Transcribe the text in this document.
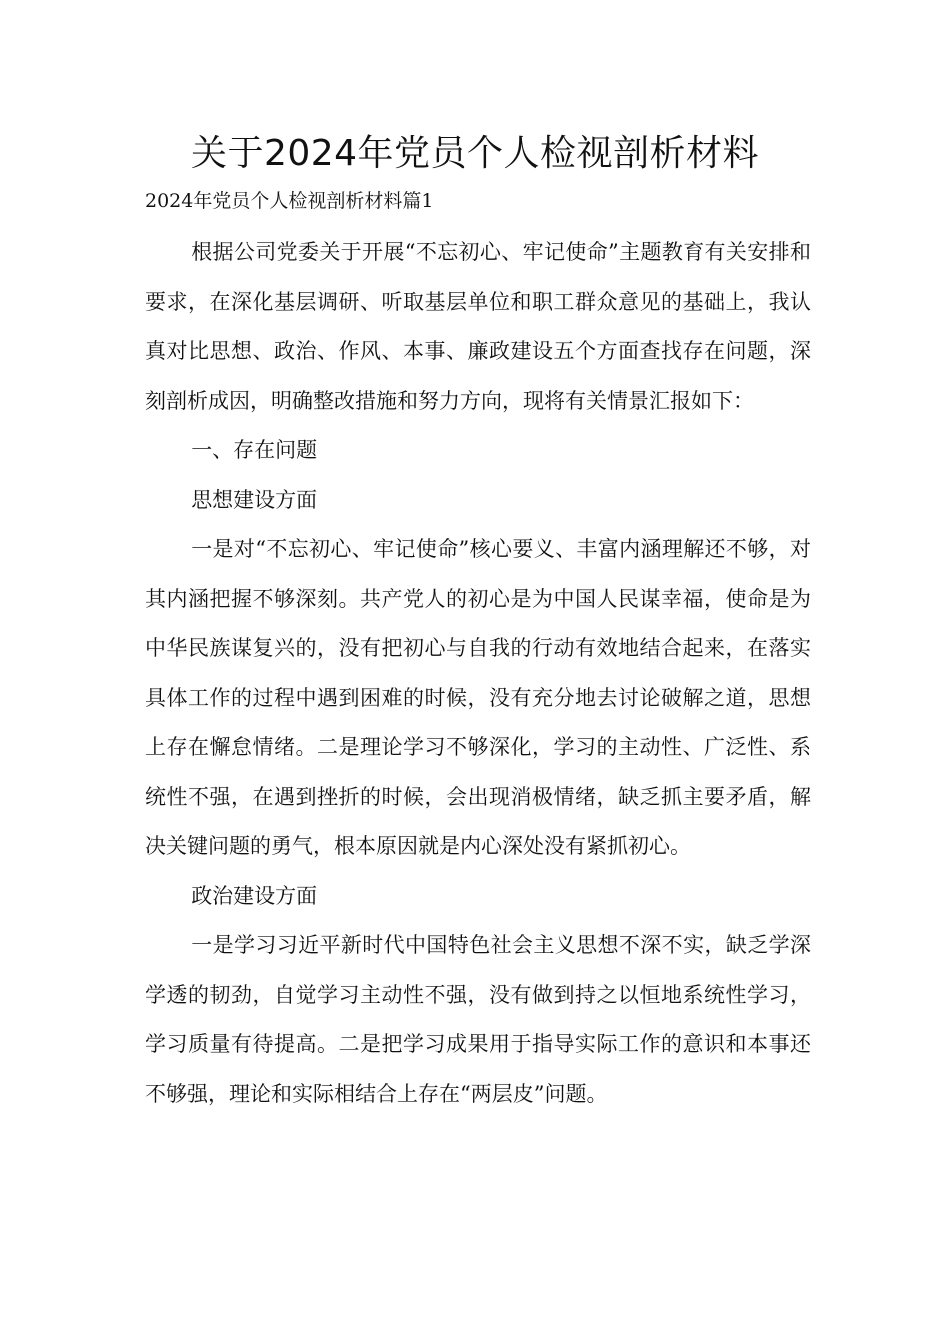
关于2024年党员个人检视剖析材料
2024年党员个人检视剖析材料篇1

根据公司党委关于开展“不忘初心、牢记使命”主题教育有关安排和要求，在深化基层调研、听取基层单位和职工群众意见的基础上，我认真对比思想、政治、作风、本事、廉政建设五个方面查找存在问题，深刻剖析成因，明确整改措施和努力方向，现将有关情景汇报如下：

一、存在问题

思想建设方面

一是对“不忘初心、牢记使命”核心要义、丰富内涵理解还不够，对其内涵把握不够深刻。共产党人的初心是为中国人民谋幸福，使命是为中华民族谋复兴的，没有把初心与自我的行动有效地结合起来，在落实具体工作的过程中遇到困难的时候，没有充分地去讨论破解之道，思想上存在懈怠情绪。二是理论学习不够深化，学习的主动性、广泛性、系统性不强，在遇到挫折的时候，会出现消极情绪，缺乏抓主要矛盾，解决关键问题的勇气，根本原因就是内心深处没有紧抓初心。

政治建设方面

一是学习习近平新时代中国特色社会主义思想不深不实，缺乏学深学透的韧劲，自觉学习主动性不强，没有做到持之以恒地系统性学习，学习质量有待提高。二是把学习成果用于指导实际工作的意识和本事还不够强，理论和实际相结合上存在“两层皮”问题。
